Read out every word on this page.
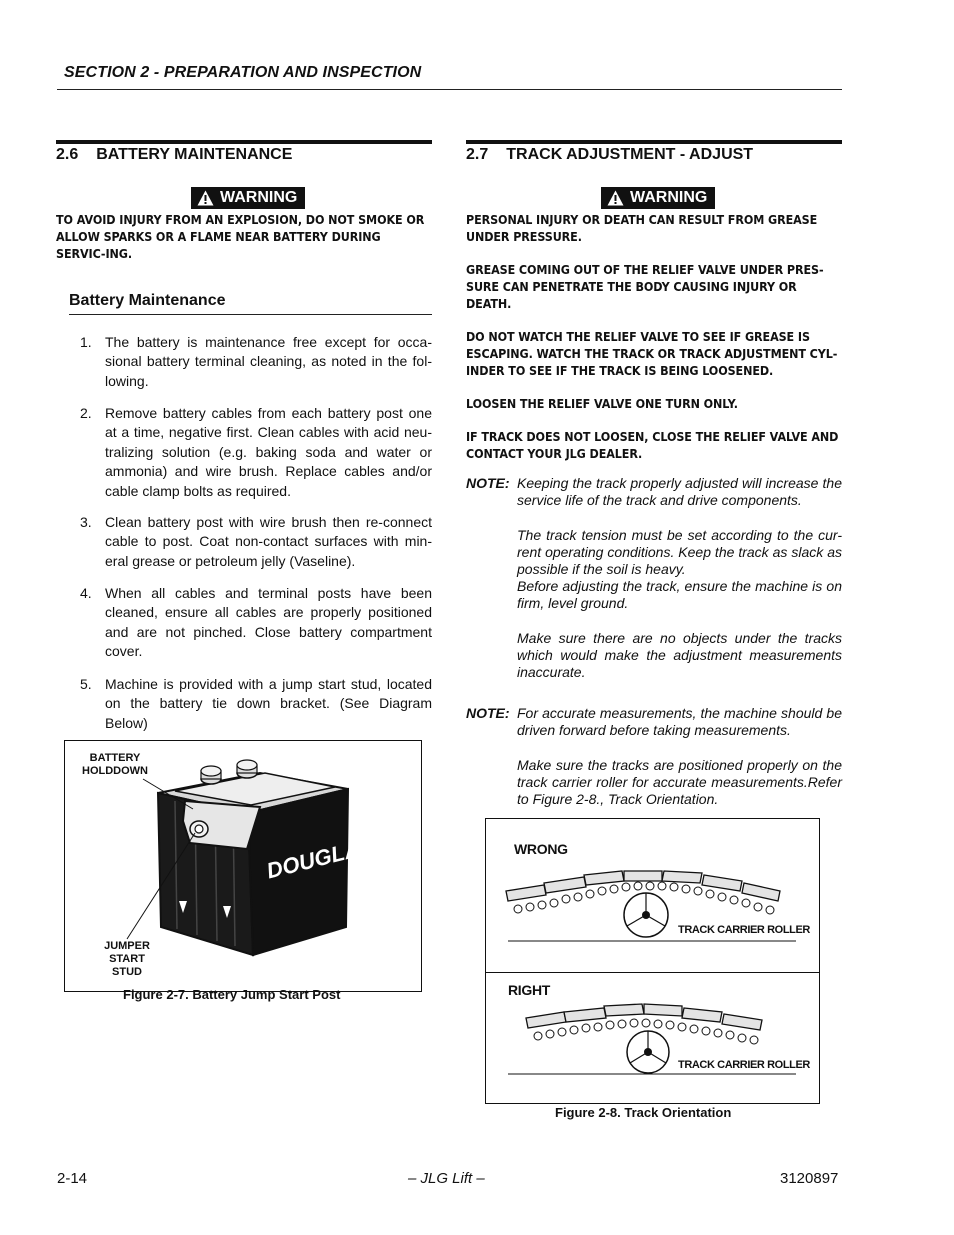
SECTION 2 - PREPARATION AND INSPECTION
2.6 BATTERY MAINTENANCE
WARNING
TO AVOID INJURY FROM AN EXPLOSION, DO NOT SMOKE OR ALLOW SPARKS OR A FLAME NEAR BATTERY DURING SERVIC-ING.
Battery Maintenance
1. The battery is maintenance free except for occa-sional battery terminal cleaning, as noted in the fol-lowing.
2. Remove battery cables from each battery post one at a time, negative first. Clean cables with acid neu-tralizing solution (e.g. baking soda and water or ammonia) and wire brush. Replace cables and/or cable clamp bolts as required.
3. Clean battery post with wire brush then re-connect cable to post. Coat non-contact surfaces with min-eral grease or petroleum jelly (Vaseline).
4. When all cables and terminal posts have been cleaned, ensure all cables are properly positioned and are not pinched. Close battery compartment cover.
5. Machine is provided with a jump start stud, located on the battery tie down bracket. (See Diagram Below)
DOUGLAS
BATTERY
HOLDDOWN
JUMPER
START
STUD
Figure 2-7. Battery Jump Start Post
2.7 TRACK ADJUSTMENT - ADJUST
WARNING

PERSONAL INJURY OR DEATH CAN RESULT FROM GREASE UNDER PRESSURE.

GREASE COMING OUT OF THE RELIEF VALVE UNDER PRES-SURE CAN PENETRATE THE BODY CAUSING INJURY OR DEATH.

DO NOT WATCH THE RELIEF VALVE TO SEE IF GREASE IS ESCAPING. WATCH THE TRACK OR TRACK ADJUSTMENT CYL-INDER TO SEE IF THE TRACK IS BEING LOOSENED.

LOOSEN THE RELIEF VALVE ONE TURN ONLY.

IF TRACK DOES NOT LOOSEN, CLOSE THE RELIEF VALVE AND CONTACT YOUR JLG DEALER.

NOTE: Keeping the track properly adjusted will increase the service life of the track and drive components.

The track tension must be set according to the cur-rent operating conditions. Keep the track as slack as possible if the soil is heavy.

Before adjusting the track, ensure the machine is on firm, level ground.

Make sure there are no objects under the tracks which would make the adjustment measurements inaccurate.

NOTE: For accurate measurements, the machine should be driven forward before taking measurements.

Make sure the tracks are positioned properly on the track carrier roller for accurate measurements.Refer to Figure 2-8., Track Orientation.

WRONG
RIGHT
TRACK CARRIER ROLLER
TRACK CARRIER ROLLER
Figure 2-8. Track Orientation
2-14	– JLG Lift –	3120897
